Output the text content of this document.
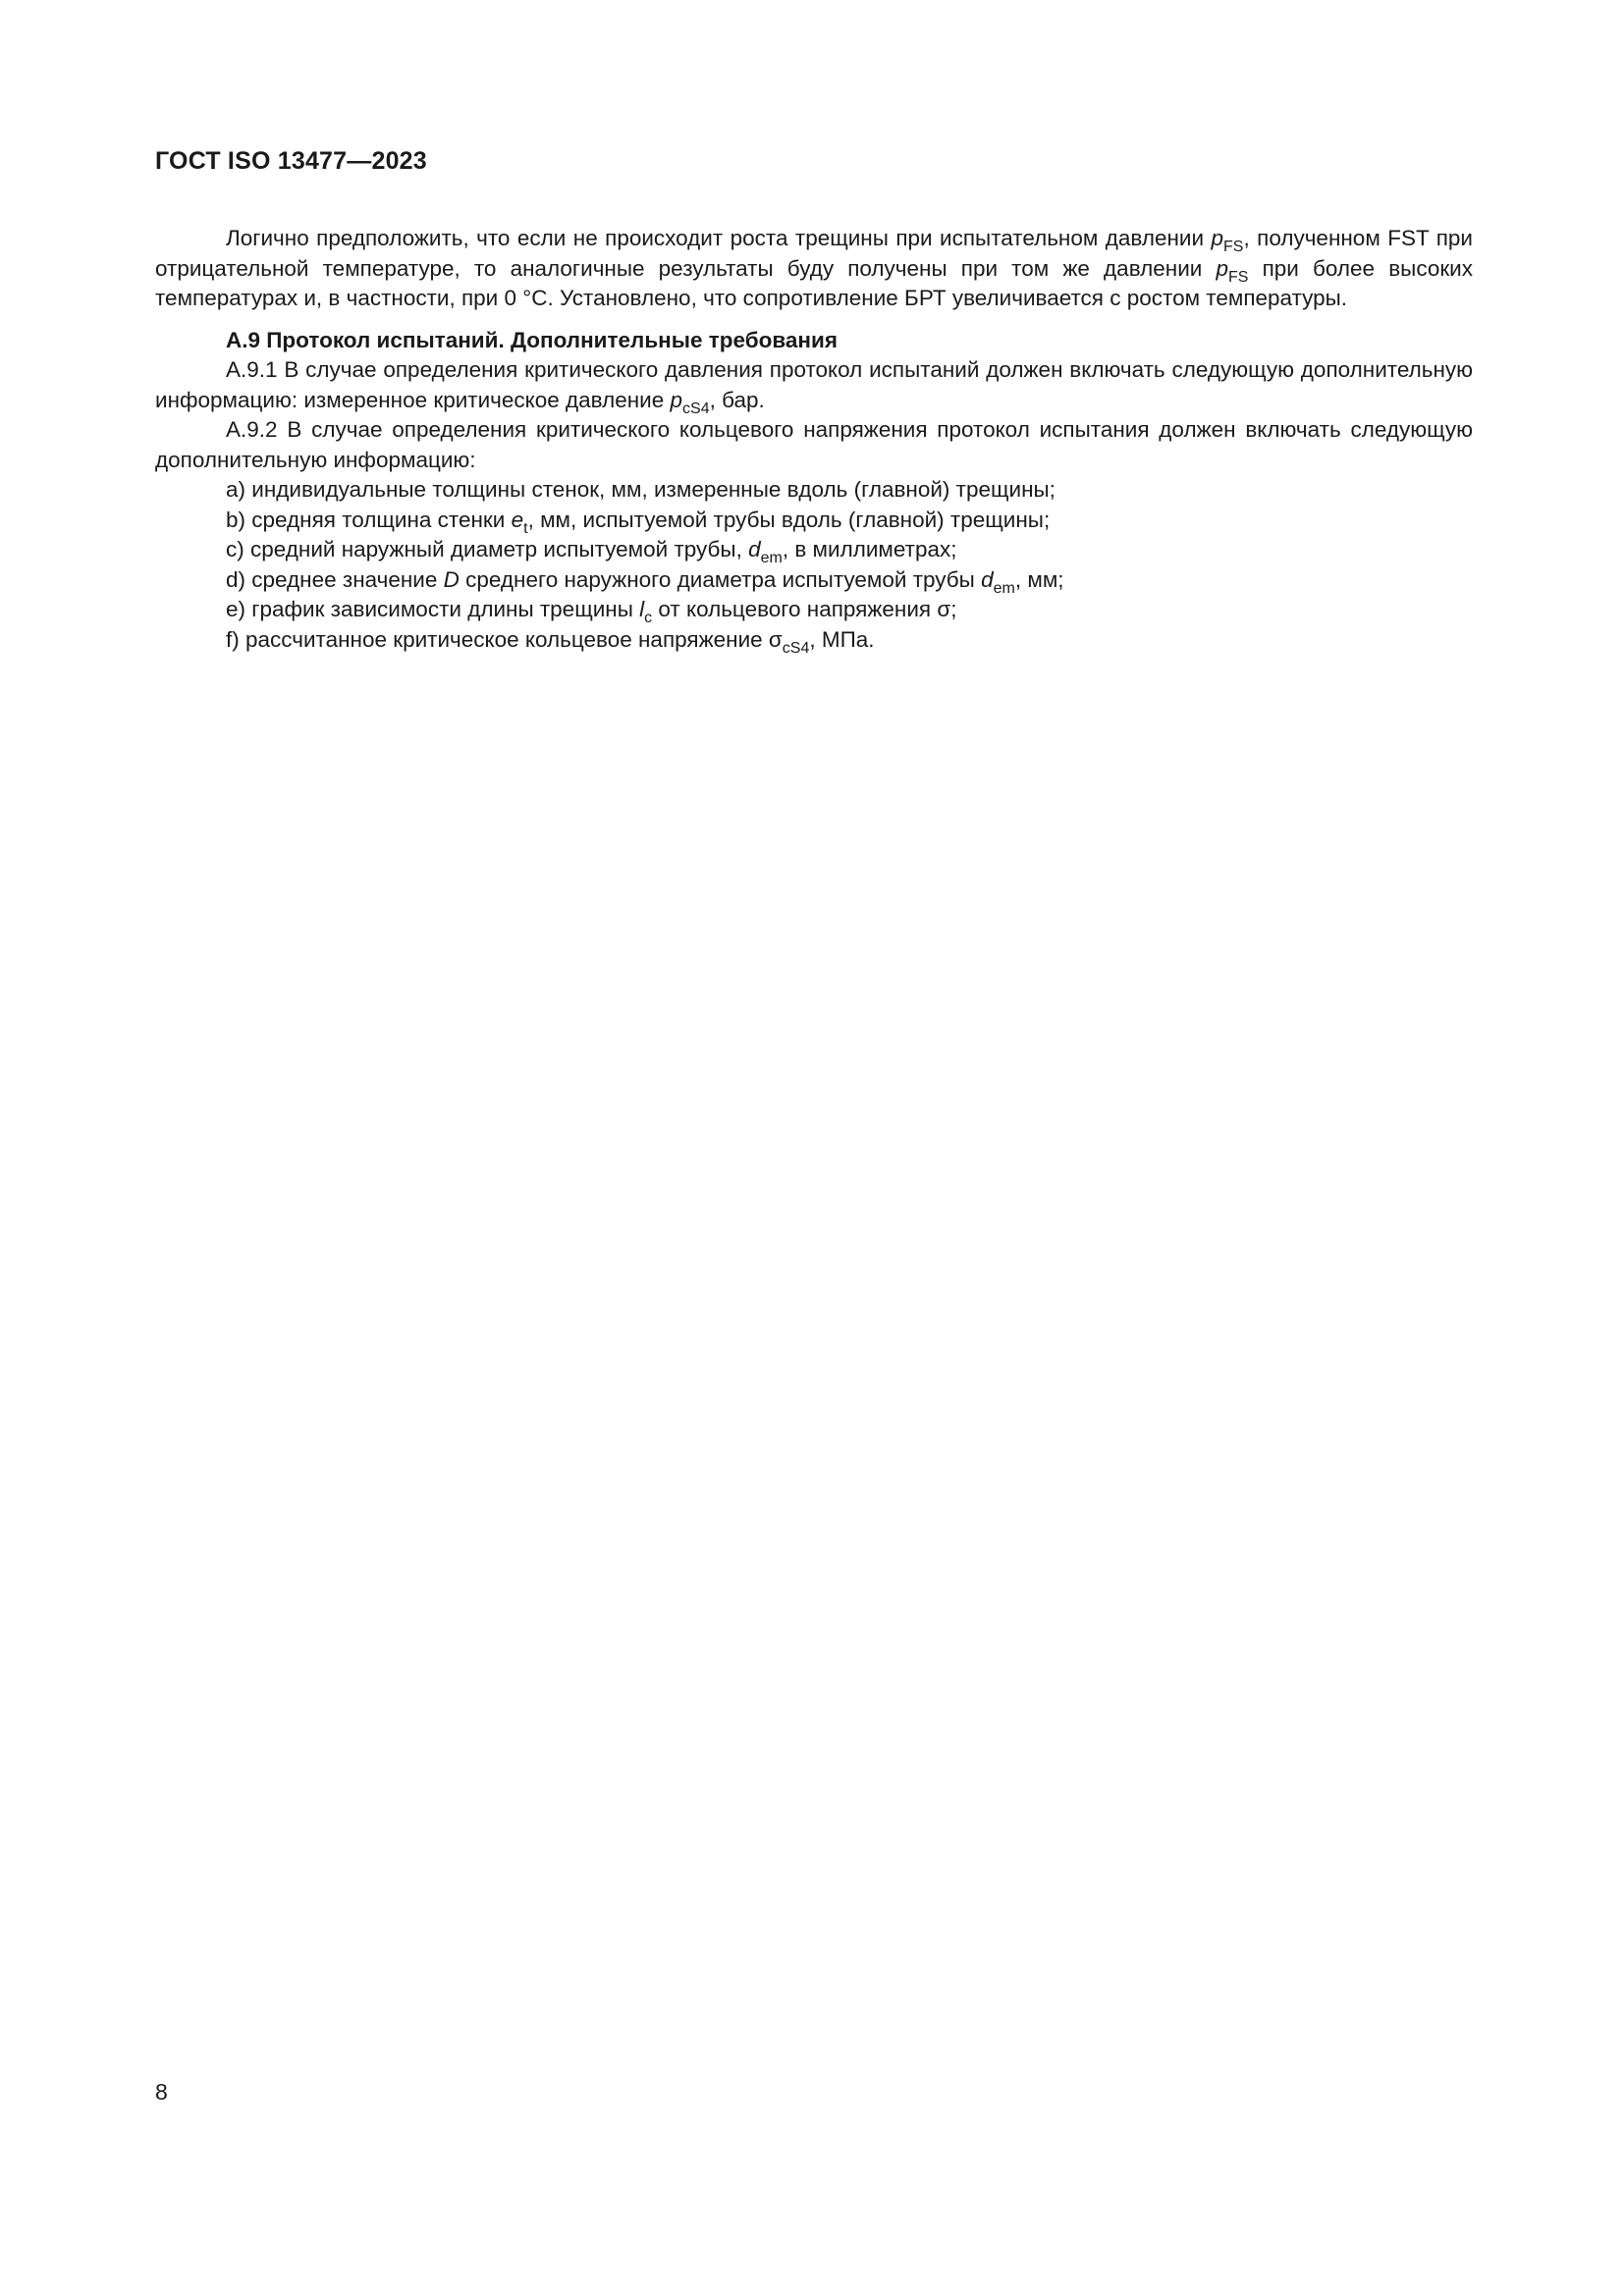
ГОСТ ISO 13477—2023

Логично предположить, что если не происходит роста трещины при испытательном давлении $p_{FS}$, полученном FST при отрицательной температуре, то аналогичные результаты буду получены при том же давлении $p_{FS}$ при более высоких температурах и, в частности, при 0 °С. Установлено, что сопротивление БРТ увеличивается с ростом температуры.

А.9 Протокол испытаний. Дополнительные требования

А.9.1 В случае определения критического давления протокол испытаний должен включать следующую дополнительную информацию: измеренное критическое давление $p_{cS4}$, бар.

А.9.2 В случае определения критического кольцевого напряжения протокол испытания должен включать следующую дополнительную информацию:

a) индивидуальные толщины стенок, мм, измеренные вдоль (главной) трещины;
b) средняя толщина стенки $e_t$, мм, испытуемой трубы вдоль (главной) трещины;
c) средний наружный диаметр испытуемой трубы, $d_{em}$, в миллиметрах;
d) среднее значение D среднего наружного диаметра испытуемой трубы $d_{em}$, мм;
e) график зависимости длины трещины $l_c$ от кольцевого напряжения σ;
f) рассчитанное критическое кольцевое напряжение $\sigma_{cS4}$, МПа.
8
